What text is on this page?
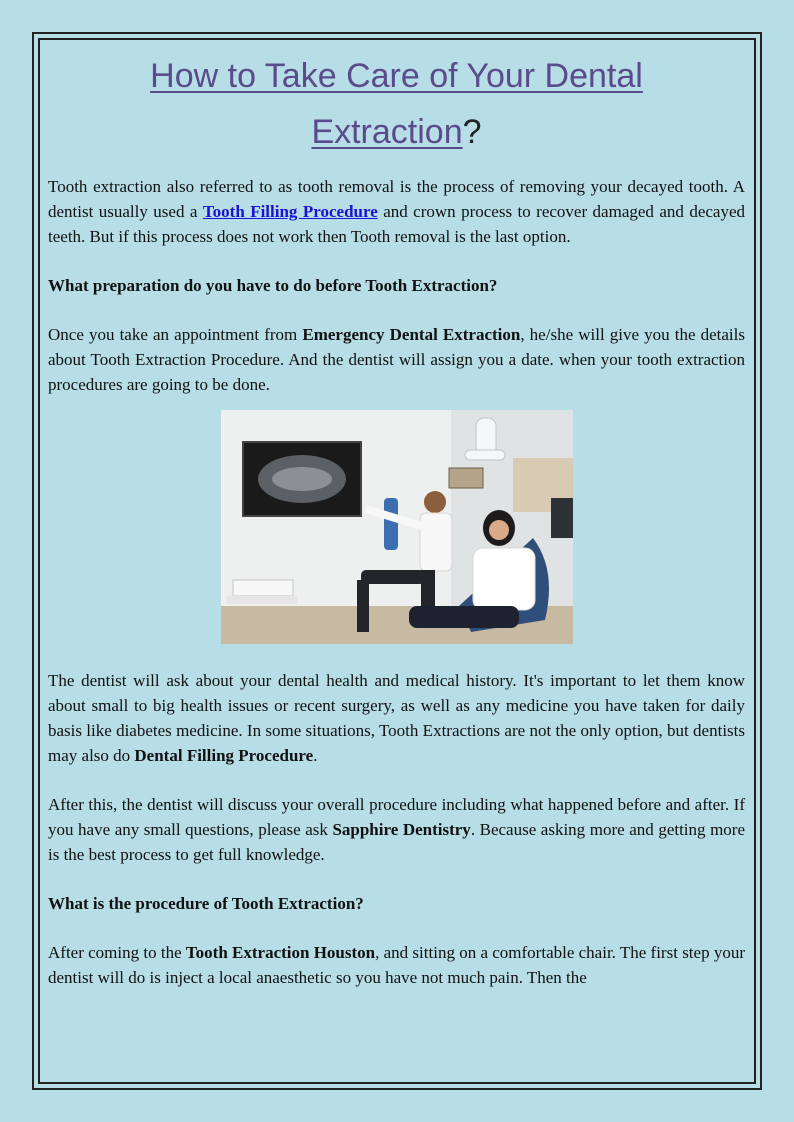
How to Take Care of Your Dental
Extraction?

Tooth extraction also referred to as tooth removal is the process of removing your decayed tooth. A dentist usually used a Tooth Filling Procedure and crown process to recover damaged and decayed teeth. But if this process does not work then Tooth removal is the last option.

What preparation do you have to do before Tooth Extraction?

Once you take an appointment from Emergency Dental Extraction, he/she will give you the details about Tooth Extraction Procedure. And the dentist will assign you a date. when your tooth extraction procedures are going to be done.

The dentist will ask about your dental health and medical history. It's important to let them know about small to big health issues or recent surgery, as well as any medicine you have taken for daily basis like diabetes medicine. In some situations, Tooth Extractions are not the only option, but dentists may also do Dental Filling Procedure.

After this, the dentist will discuss your overall procedure including what happened before and after. If you have any small questions, please ask Sapphire Dentistry. Because asking more and getting more is the best process to get full knowledge.

What is the procedure of Tooth Extraction?

After coming to the Tooth Extraction Houston, and sitting on a comfortable chair. The first step your dentist will do is inject a local anaesthetic so you have not much pain. Then the
